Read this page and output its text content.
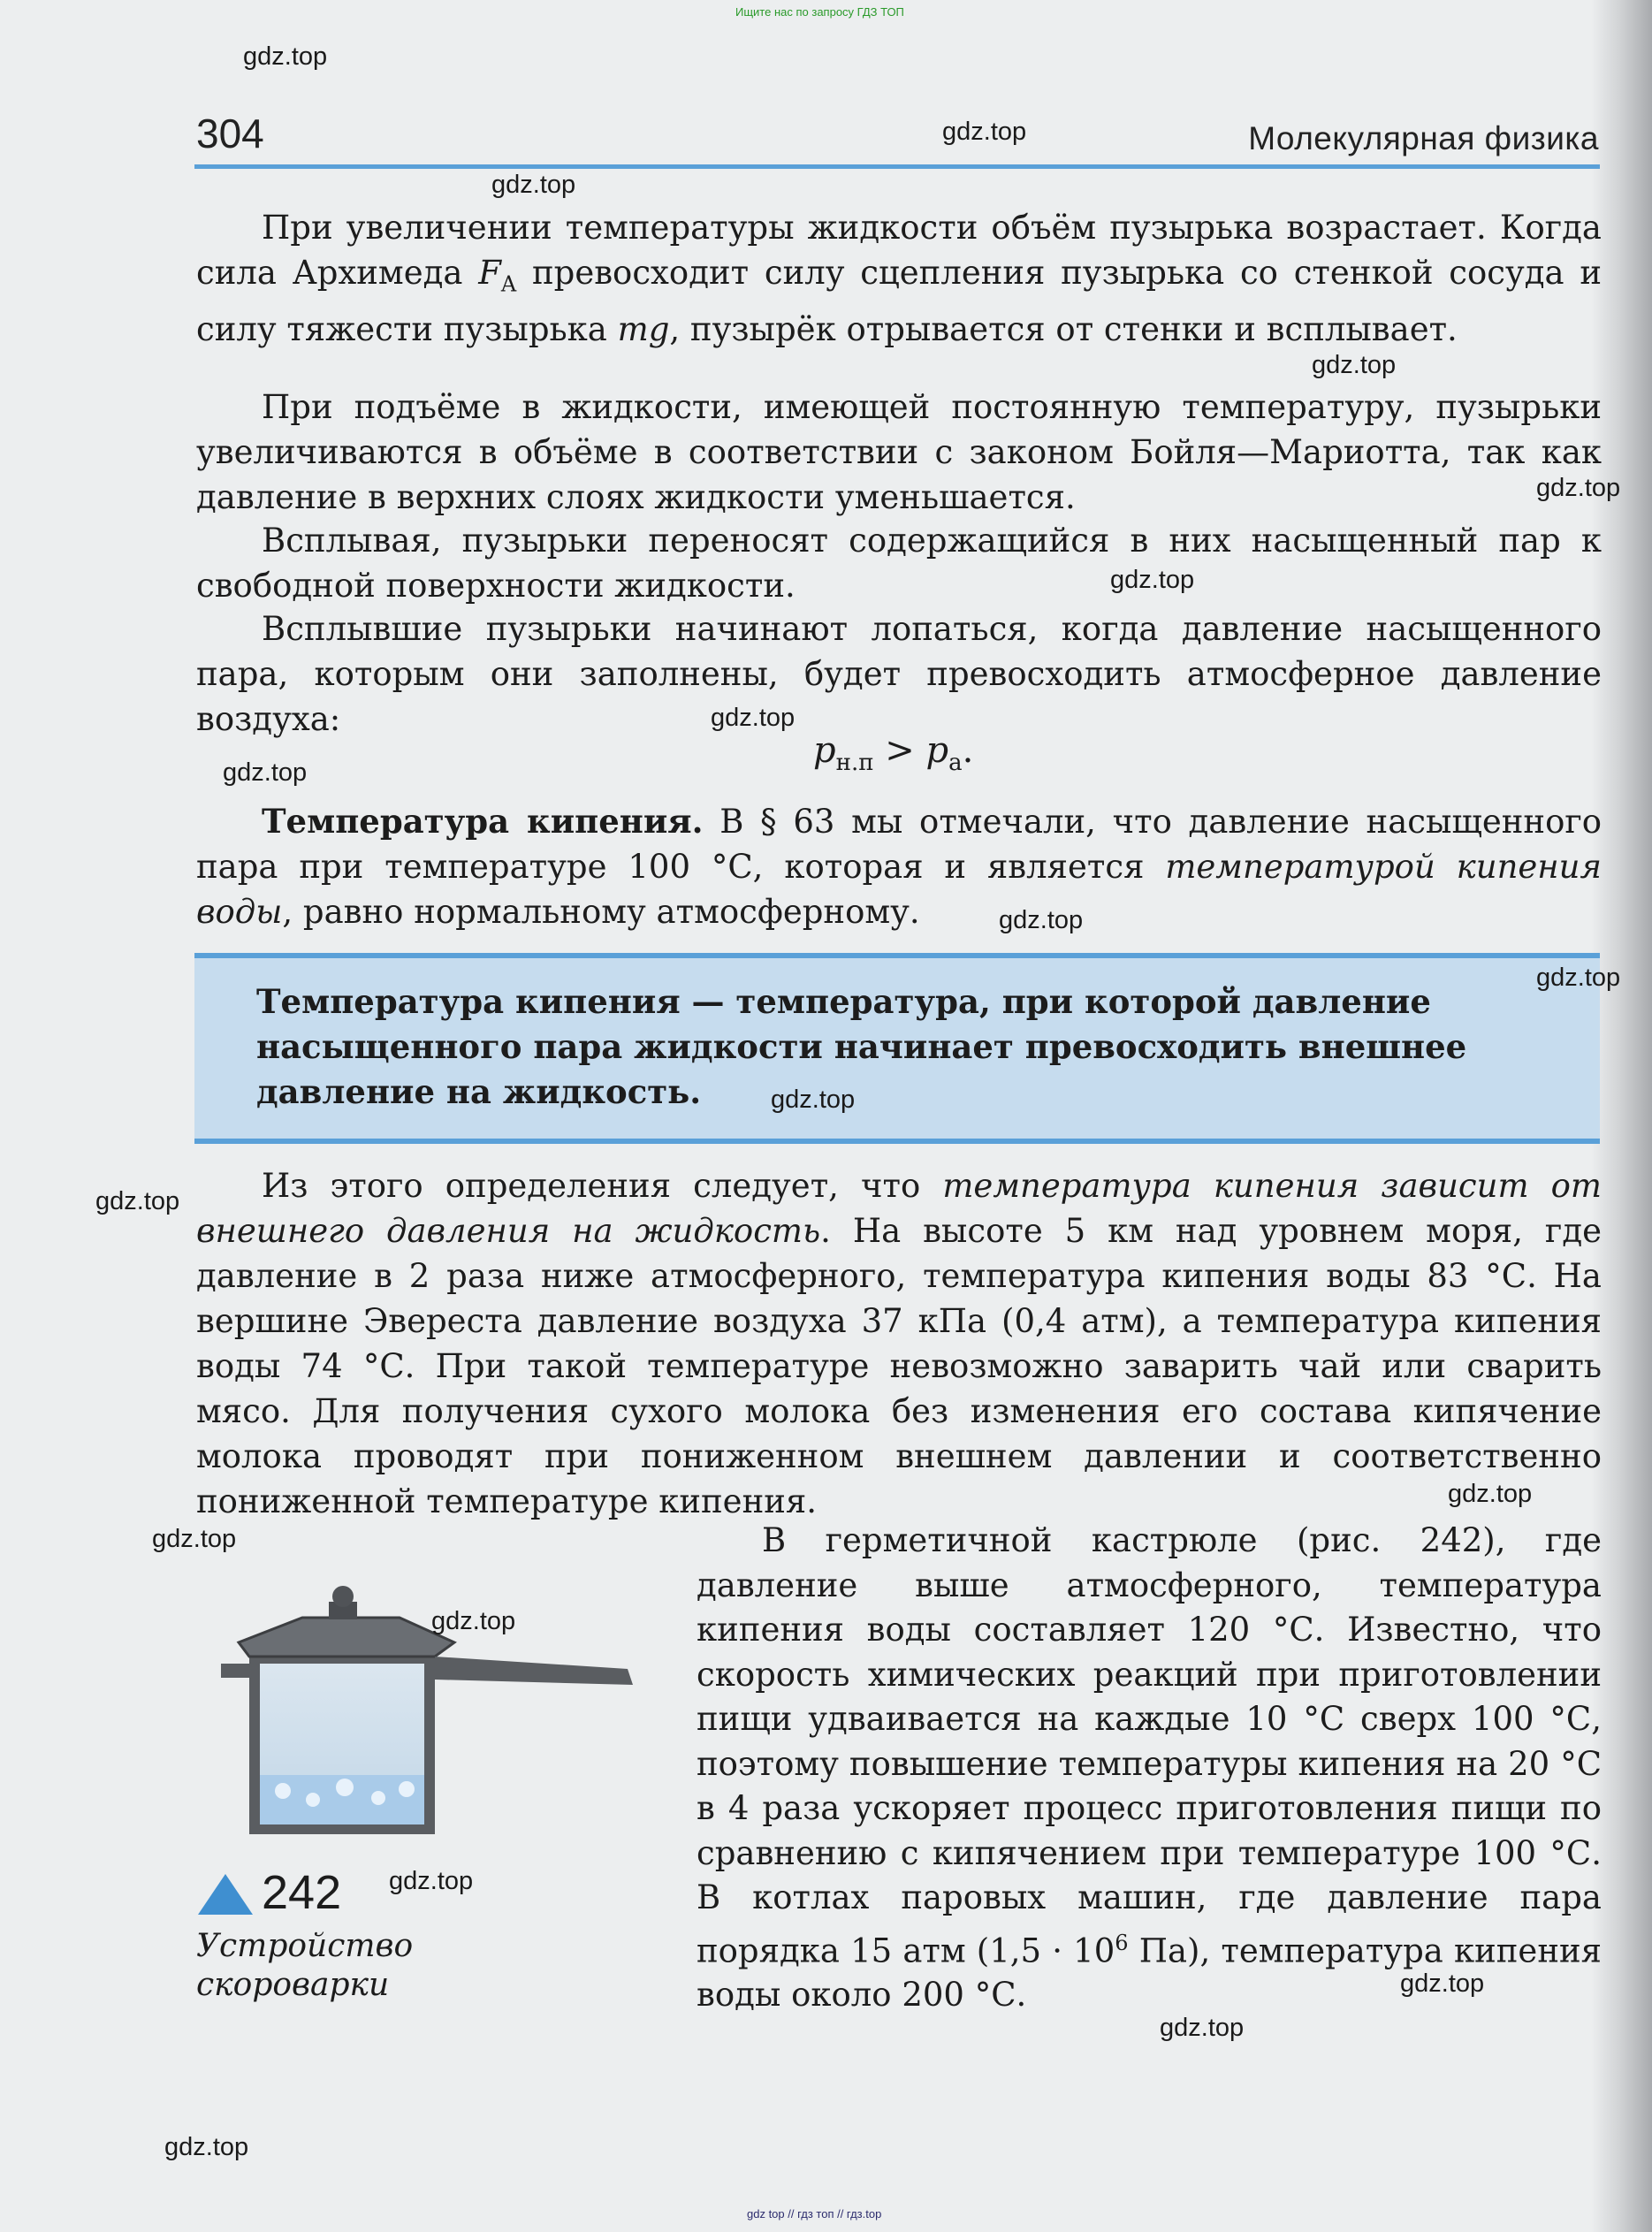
Ищите нас по запросу ГДЗ ТОП
304	Молекулярная физика

При увеличении температуры жидкости объём пузырька возрастает. Когда сила Архимеда $F_A$ превосходит силу сцепления пузырька со стенкой сосуда и силу тяжести пузырька mg, пузырёк отрывается от стенки и всплывает.

При подъёме в жидкости, имеющей постоянную температуру, пузырьки увеличиваются в объёме в соответствии с законом Бойля—Мариотта, так как давление в верхних слоях жидкости уменьшается.

Всплывая, пузырьки переносят содержащийся в них насыщенный пар к свободной поверхности жидкости.

Всплывшие пузырьки начинают лопаться, когда давление насыщенного пара, которым они заполнены, будет превосходить атмосферное давление воздуха:

$p_{н.п} > p_а$.

Температура кипения. В § 63 мы отмечали, что давление насыщенного пара при температуре 100 °С, которая и является температурой кипения воды, равно нормальному атмосферному.

Температура кипения — температура, при которой давление насыщенного пара жидкости начинает превосходить внешнее давление на жидкость.

Из этого определения следует, что температура кипения зависит от внешнего давления на жидкость. На высоте 5 км над уровнем моря, где давление в 2 раза ниже атмосферного, температура кипения воды 83 °С. На вершине Эвереста давление воздуха 37 кПа (0,4 атм), а температура кипения воды 74 °С. При такой температуре невозможно заварить чай или сварить мясо. Для получения сухого молока без изменения его состава кипячение молока проводят при пониженном внешнем давлении и соответственно пониженной температуре кипения.

В герметичной кастрюле (рис. 242), где давление выше атмосферного, температура кипения воды составляет 120 °С. Известно, что скорость химических реакций при приготовлении пищи удваивается на каждые 10 °С сверх 100 °С, поэтому повышение температуры кипения на 20 °С в 4 раза ускоряет процесс приготовления пищи по сравнению с кипячением при температуре 100 °С. В котлах паровых машин, где давление пара порядка 15 атм ($1,5 \cdot 10^6$ Па), температура кипения воды около 200 °С.

242

Устройство
скороварки

gdz.top
gdz.top
gdz.top
gdz.top
gdz.top
gdz.top
gdz.top
gdz.top
gdz.top
gdz.top
gdz.top
gdz.top
gdz.top
gdz.top
gdz.top
gdz.top
gdz.top
gdz.top
gdz.top
gdz top // гдз топ // гдз.top
